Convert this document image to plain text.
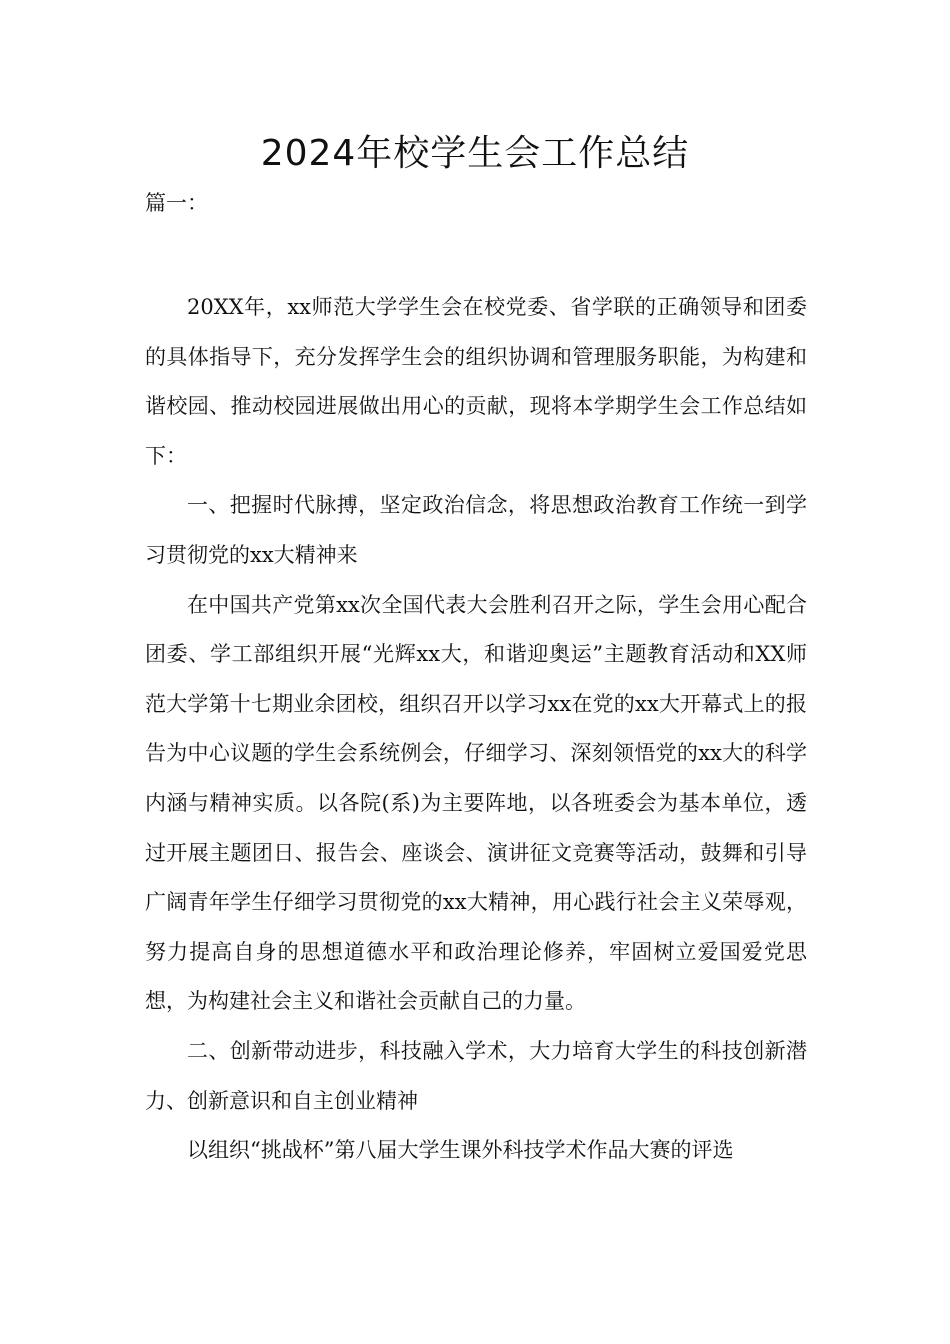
2024年校学生会工作总结

篇一：

20XX年，xx师范大学学生会在校党委、省学联的正确领导和团委的具体指导下，充分发挥学生会的组织协调和管理服务职能，为构建和谐校园、推动校园进展做出用心的贡献，现将本学期学生会工作总结如下：

一、把握时代脉搏，坚定政治信念，将思想政治教育工作统一到学习贯彻党的xx大精神来

在中国共产党第xx次全国代表大会胜利召开之际，学生会用心配合团委、学工部组织开展“光辉xx大，和谐迎奥运”主题教育活动和XX师范大学第十七期业余团校，组织召开以学习xx在党的xx大开幕式上的报告为中心议题的学生会系统例会，仔细学习、深刻领悟党的xx大的科学内涵与精神实质。以各院(系)为主要阵地，以各班委会为基本单位，透过开展主题团日、报告会、座谈会、演讲征文竞赛等活动，鼓舞和引导广阔青年学生仔细学习贯彻党的xx大精神，用心践行社会主义荣辱观，努力提高自身的思想道德水平和政治理论修养，牢固树立爱国爱党思想，为构建社会主义和谐社会贡献自己的力量。

二、创新带动进步，科技融入学术，大力培育大学生的科技创新潜力、创新意识和自主创业精神

以组织“挑战杯”第八届大学生课外科技学术作品大赛的评选
